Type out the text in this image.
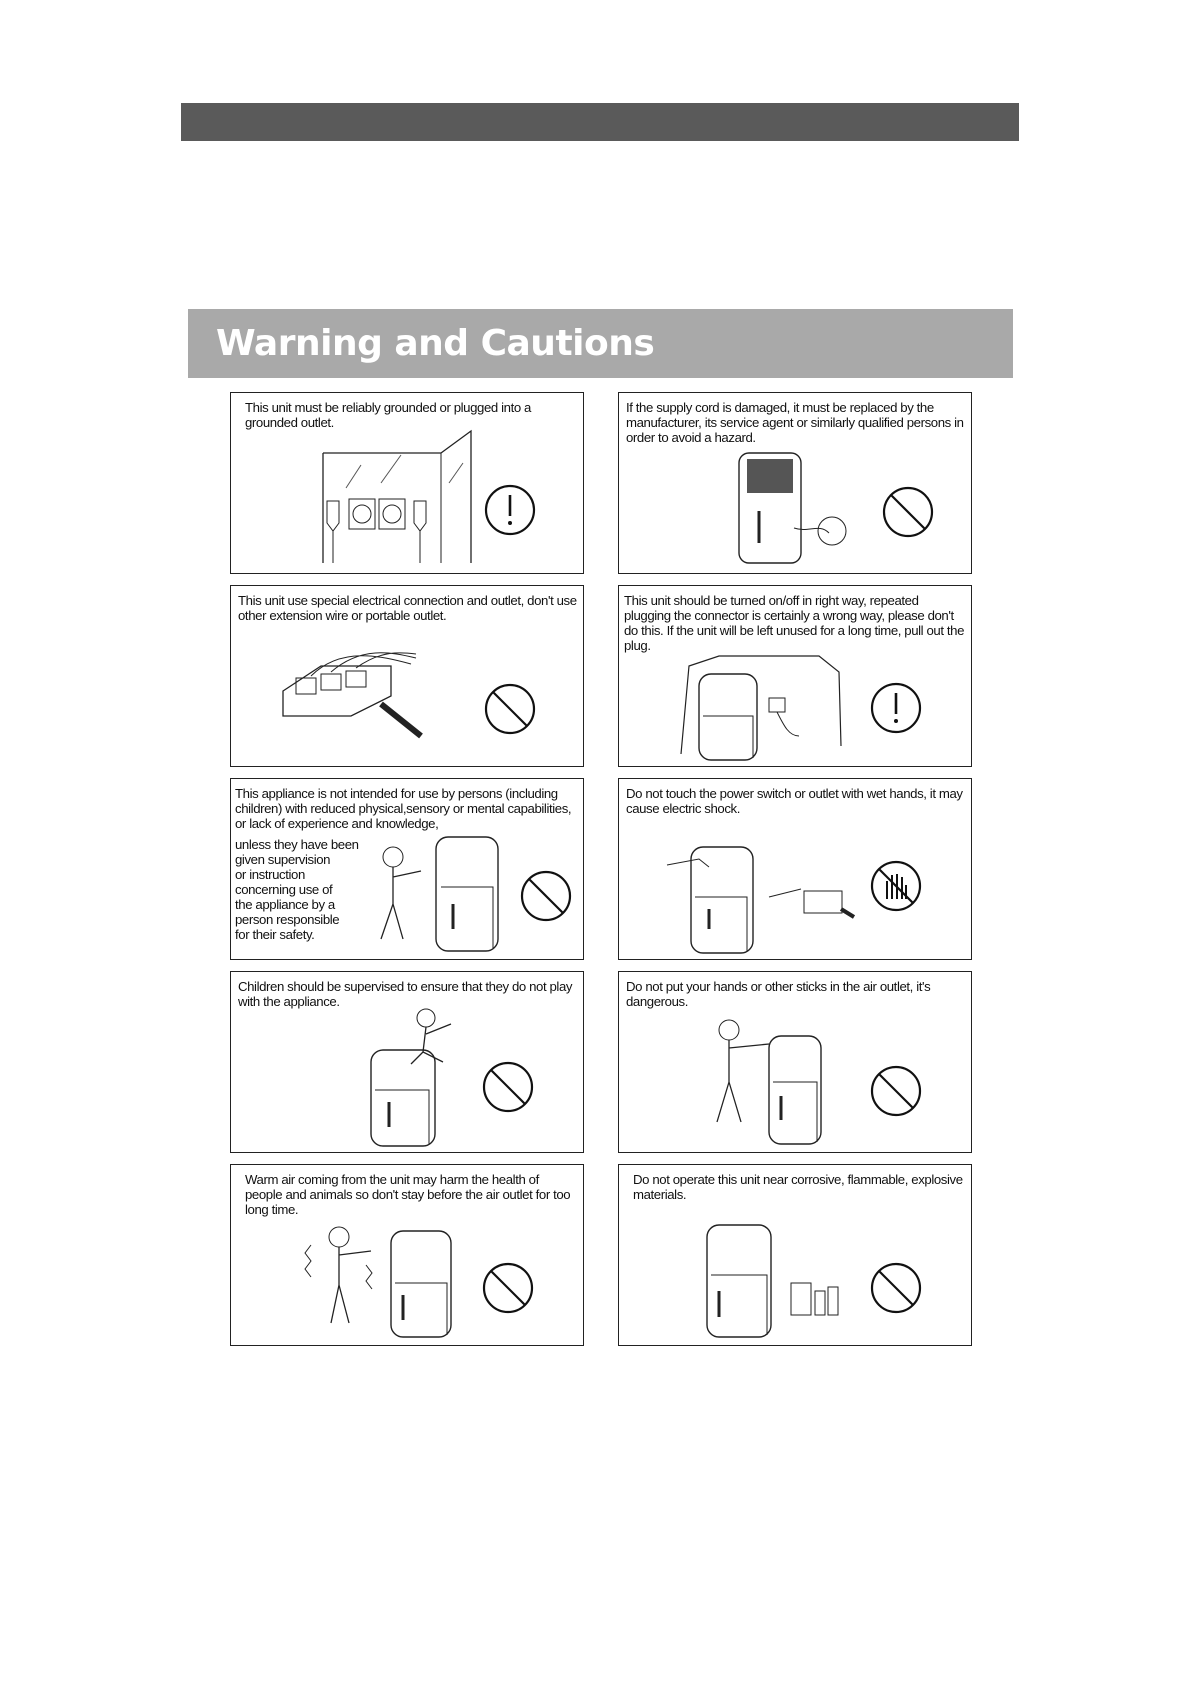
Warning and Cautions
This unit must be reliably grounded or plugged into a grounded outlet.
If the supply cord is damaged, it must be replaced by the manufacturer, its service agent or similarly qualified persons in order to avoid a hazard.
This unit use special electrical connection and outlet, don't use other extension wire or portable outlet.
This unit should be turned on/off in right way, repeated plugging the connector is certainly a wrong way, please don't do this. If the unit will be left unused for a long time, pull out the plug.
This appliance is not intended for use by persons (including children) with reduced physical,sensory or mental capabilities, or lack of experience and knowledge,
unless they have been
given supervision
or instruction
concerning use of
the appliance by a
person responsible
for their safety.
Do not touch the power switch or outlet with wet hands, it may cause electric shock.
Children should be supervised to ensure that they do not play with the appliance.
Do not put your hands or other sticks in the air outlet, it's dangerous.
Warm air coming from the unit may harm the health of people and animals so don't stay before the air outlet for too long time.
Do not operate this unit near corrosive, flammable, explosive materials.
